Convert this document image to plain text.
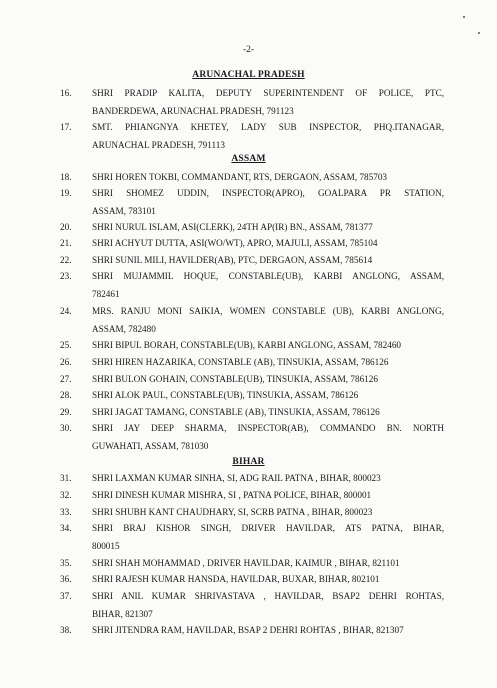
-2-
ARUNACHAL PRADESH
16.	SHRI PRADIP KALITA, DEPUTY SUPERINTENDENT OF POLICE, PTC,
BANDERDEWA, ARUNACHAL PRADESH, 791123
17.	SMT. PHIANGNYA KHETEY, LADY SUB INSPECTOR, PHQ.ITANAGAR,
ARUNACHAL PRADESH, 791113
ASSAM
18.	SHRI HOREN TOKBI, COMMANDANT, RTS, DERGAON, ASSAM, 785703
19.	SHRI SHOMEZ UDDIN, INSPECTOR(APRO), GOALPARA PR STATION,
ASSAM, 783101
20.	SHRI NURUL ISLAM, ASI(CLERK), 24TH AP(IR) BN., ASSAM, 781377
21.	SHRI ACHYUT DUTTA, ASI(WO/WT), APRO, MAJULI, ASSAM, 785104
22.	SHRI SUNIL MILI, HAVILDER(AB), PTC, DERGAON, ASSAM, 785614
23.	SHRI MUJAMMIL HOQUE, CONSTABLE(UB), KARBI ANGLONG, ASSAM,
782461
24.	MRS. RANJU MONI SAIKIA, WOMEN CONSTABLE (UB), KARBI ANGLONG,
ASSAM, 782480
25.	SHRI BIPUL BORAH, CONSTABLE(UB), KARBI ANGLONG, ASSAM, 782460
26.	SHRI HIREN HAZARIKA, CONSTABLE (AB), TINSUKIA, ASSAM, 786126
27.	SHRI BULON GOHAIN, CONSTABLE(UB), TINSUKIA, ASSAM, 786126
28.	SHRI ALOK PAUL, CONSTABLE(UB), TINSUKIA, ASSAM, 786126
29.	SHRI JAGAT TAMANG, CONSTABLE (AB), TINSUKIA, ASSAM, 786126
30.	SHRI JAY DEEP SHARMA, INSPECTOR(AB), COMMANDO BN. NORTH
GUWAHATI, ASSAM, 781030
BIHAR
31.	SHRI LAXMAN KUMAR SINHA, SI, ADG RAIL PATNA , BIHAR, 800023
32.	SHRI DINESH KUMAR MISHRA, SI , PATNA POLICE, BIHAR, 800001
33.	SHRI SHUBH KANT CHAUDHARY, SI, SCRB PATNA , BIHAR, 800023
34.	SHRI BRAJ KISHOR SINGH, DRIVER HAVILDAR, ATS PATNA, BIHAR,
800015
35.	SHRI SHAH MOHAMMAD , DRIVER HAVILDAR, KAIMUR , BIHAR, 821101
36.	SHRI RAJESH KUMAR HANSDA, HAVILDAR, BUXAR, BIHAR, 802101
37.	SHRI ANIL KUMAR SHRIVASTAVA , HAVILDAR, BSAP2 DEHRI ROHTAS,
BIHAR, 821307
38.	SHRI JITENDRA RAM, HAVILDAR, BSAP 2 DEHRI ROHTAS , BIHAR, 821307
